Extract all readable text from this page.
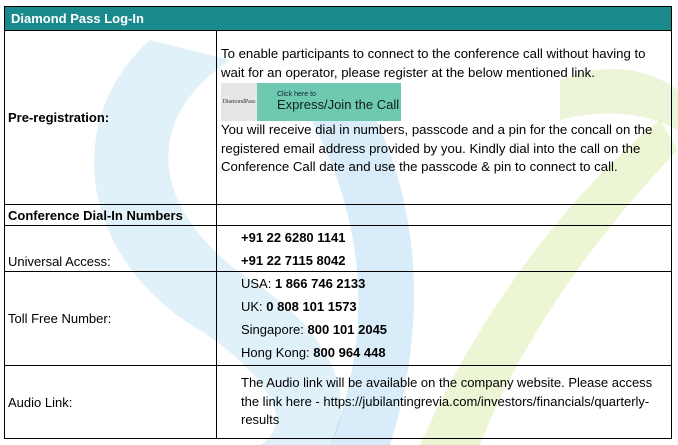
Diamond Pass Log-In
Pre-registration:
To enable participants to connect to the conference call without having to wait for an operator, please register at the below mentioned link.
DiamondPass
Click here to
Express/Join the Call
You will receive dial in numbers, passcode and a pin for the concall on the registered email address provided by you. Kindly dial into the call on the Conference Call date and use the passcode & pin to connect to call.
Conference Dial-In Numbers
Universal Access:
+91 22 6280 1141
+91 22 7115 8042
Toll Free Number:
USA: 1 866 746 2133
UK: 0 808 101 1573
Singapore: 800 101 2045
Hong Kong: 800 964 448
Audio Link:
The Audio link will be available on the company website. Please access the link here - https://jubilantingrevia.com/investors/financials/quarterly-results
